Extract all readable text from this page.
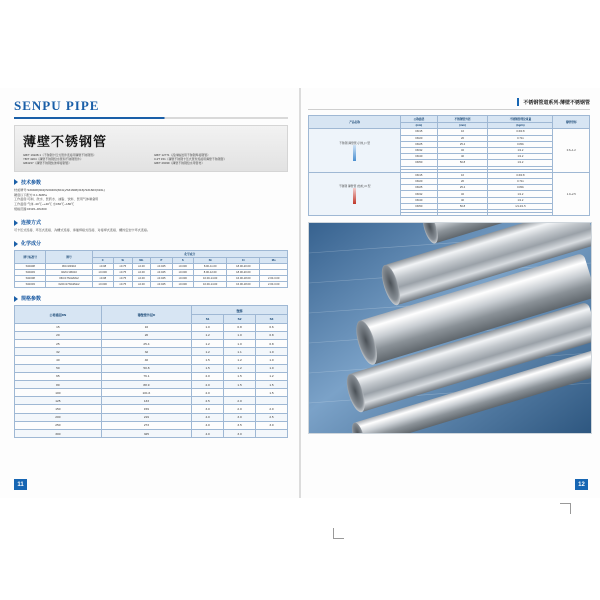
SENPU PIPE
薄壁不锈钢管
GB/T 19228.1《不锈钢卡压式管件连接用薄壁不锈钢管》
YB/T 4204《薄壁不锈钢给水管和不锈钢管件》
GB4237《薄壁不锈钢装饰焊接钢管》
GB/T 12771《流体输送用不锈钢焊接钢管》
CJ/T 151《薄壁不锈钢卡压式管件连接用薄壁不锈钢管》
GB/T 29039《薄壁不锈钢给水用管材》
技术参数
材质牌号:S30408(304)/S30403(304L)/S31608(316)/S31603(316L)
硬度以下配方:0.1-6MPa
工作温度:可制、洗水、医药水、油脂、饮料、医用气体制备用
工作温度:气体 -40℃~+40℃ 水150℃~180℃
规格范围:DN15~DN300
连接方式
可卡压式连接、环压式连接、沟槽式连接、承插焊接式连接、对接焊式连接、螺纹密封卡环式连接。
化学成分
牌号标准号	牌号	化学成分							
		C	Si	Mn	P	S	Ni	Cr	Mo
S30408	06Cr19Ni10	≤0.08	≤0.75	≤2.00	≤0.045	≤0.030	8.00-11.00	18.00-20.00	
S30403	022Cr19Ni10	≤0.030	≤0.75	≤2.00	≤0.045	≤0.030	8.00-12.00	18.00-20.00	
S31608	06Cr17Ni12Mo2	≤0.08	≤0.75	≤2.00	≤0.045	≤0.030	10.00-14.00	16.00-18.00	2.00-3.00
S31603	022Cr17Ni12Mo2	≤0.030	≤0.75	≤2.00	≤0.045	≤0.030	10.00-14.00	16.00-18.00	2.00-3.00
规格参数
公称通径DN	薄壁管外径D	壁厚		
		S1	S2	S3
15	16	1.0	0.8	0.6
20	20	1.2	1.0	0.8
25	25.4	1.2	1.0	0.8
32	32	1.2	1.1	1.0
40	40	1.5	1.2	1.0
50	50.8	1.5	1.2	1.0
65	76.1	2.0	1.5	1.2
80	88.9	2.0	1.5	1.5
100	101.6	2.0		1.5
125	133	2.5	2.0	
150	159	3.0	2.0	2.0
200	219	4.0	3.0	2.5
250	273	4.0	3.5	3.0
300	325	4.0	3.0	
11
不锈钢管道系列-薄壁不锈钢管
产品名称	公称通径	不锈钢管外径	不锈钢管理论重量	薄壁壁厚
	(mm)	(mm)	(kg/m)	

不锈钢 薄壁管 (冷轧) I 型	DN15	16	0.6/0.8	0.6~1.2
	DN20	20	0.711	
	DN25	25.4	0.801	
	DN32	32	1/1.2	
	DN40	40	1/1.2	
	DN50	50.8	1/1.2	

不锈钢 薄壁管 (热轧) II 型	DN15	16	0.6/0.8	1.0~2.5
	DN20	20	0.711	
	DN25	25.4	0.801	
	DN32	32	1/1.2	
	DN40	40	1/1.2	
	DN50	50.8	1/1.2/1.5	

12
